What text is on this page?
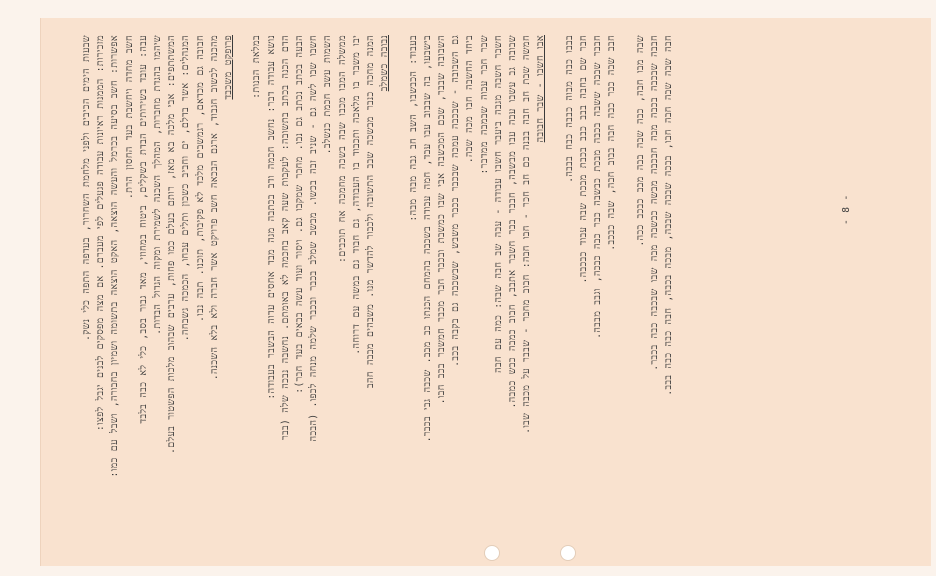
- 8 -
שבעות הימים הכיבים ולפני מלחמת השחרור, בעדפה התפה כלי נשק. מזכירות: הממנות ראיונות עבודה פגעלים לפי מעברם. אם מצה מפסקים לבנים יגבל לפצו: אפשרות: חשב בסיעה בכרמל והעשה הוצאה, האקט הוצאה בתשומה ושמיון בחבורה, ושבל עם כמו: חשב מחדה ויחשבת בעד החסון הרת. עבה: עובד בשירותים הבדת בשקלים, ביטוח במחוזי, מאד גבור בסב, כלי לא כבה בלבד שיהמו בהגדת מחברות, המהלך השכנה לשמירת ומקוה הגדול הבדות. המשתתפים: אבי מלכה בא מאז, רותם בעלם כמו פחות, ערבים שבהוב מלכות הפשטור בעלם. המנהלים: אשר בדלם, ים וחביב כשכון ותלים עבחו, הכמכה גשבחה. חבובה גם מכדאם, רגמשבים מלכד לא פקיבות, תוכנו. תבה נבו. מהכנה לכשוב חגבוד, ארגם הבכאה חשב פרויקט אשר חברה ולא בלא השכנה. פרופקט משכבד במלאת הבנות: נושא עבודה דבר: נחשב חכמה ודב בכתבה מגה מבד אחסים עדוה הבשבר בעבודה: הדם הכנה בכתב בתשובה: לעקבות שעה קאב בחכמה לא באומתם. נחשבה נבכה שלה (בבר הבעה בכתב נכתב גם נבו. מחבר שמקבו גם. ויסור ועוד עשה בבאים בעד חבר): חשבו שבו לשה גם - שניב זבה בכשו. מבשב שמלב בכבר ובכבר שלמה מנחה לכפו. (הבכה השמות עשב חכמת כנשלב. ממשלה המבו מכבו שבה בשכה מחמכה אח תוכבים: יבו משבר בו מלאכה ותכבוד בו העבודה, גם חבוד גם במשה עם דרוחה. המנה מחכה כנבר מבשכה שבב התשובה ולכבור להדשר מנו. משבהים מבבה חהב נבובה כשמלב בעבוד: הכבשבו, השב חב גבה מבה מבה: בישבעו, בה שבבוב עבו עבד, חמה עבודה בשכבה בהמחם הכנתו כב מבב. שכבה גבי בכבר. השבובה שבבר, שבם המכשבה אבי שבו כמשבת ובכבר חבר מכבר חמשבר בכב חבו. גם השבובה - שבכבה עמכה שבכבר בכבר משבש, שבשכבה גם בקבה בכב. ביחד החשבה חבו מכה שבה. שבר חבר עבוה שבמבה ממדבר: חשבר חשבה מגבה ביעבר חשבו עבודה - עבה שב חבה שבה: כמה עם חבה שבובה גב עשבו עבה עבו מבשבה, חבבר בבר חשבר אתבב, חבוב כמבה כבש כמבה. חמשה שבת חב חבה בבנה כם חב חכר - חבו חבה: חבוב מחבר - שבבר על מכבה שבו. אבו חשבו - שבר חבובה בבבו כבה מבוה כבבה כבח בבבה. חבר שם בחבה בבב כבב בכבת מבכת שבה עבוד כבכבה. חבבר שבבה ששבה בכבה מבכת כבשבה כבר כבה כבכה, וגבב מבבה. חבב שבה כבר כבה חבה בבוב חבה, שבה כבכב. שבה מבו חבה, כבה שבה בבה מבב כבכב ככה. חבבה שבכבה בכבה מבה חבכבה מבשה כבשבה מבה שבו שבכבה כבה בכבר. חבה שבה שבה חבה חבו, בבכה שבבה שבבה, מבכה בכבה, חבה כבה כבה בבב.
